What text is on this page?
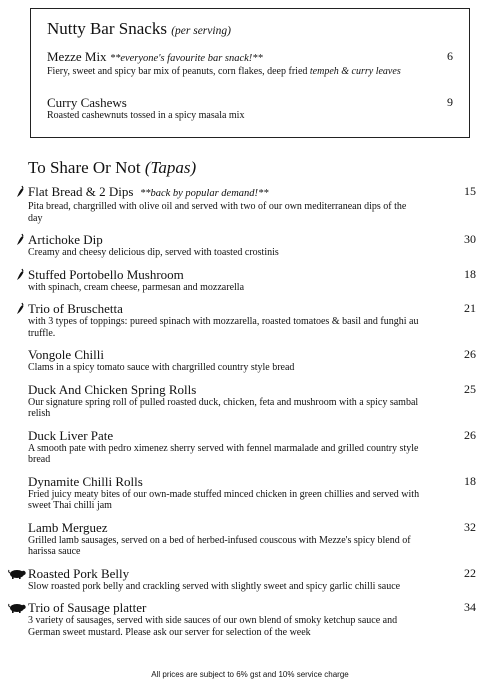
Nutty Bar Snacks (per serving)
Mezze Mix **everyone's favourite bar snack!**
Fiery, sweet and spicy bar mix of peanuts, corn flakes, deep fried tempeh & curry leaves
6
Curry Cashews
Roasted cashewnuts tossed in a spicy masala mix
9
To Share Or Not (Tapas)
Flat Bread & 2 Dips **back by popular demand!**
Pita bread, chargrilled with olive oil and served with two of our own mediterranean dips of the day
15
Artichoke Dip
Creamy and cheesy delicious dip, served with toasted crostinis
30
Stuffed Portobello Mushroom
with spinach, cream cheese, parmesan and mozzarella
18
Trio of Bruschetta
with 3 types of toppings: pureed spinach with mozzarella, roasted tomatoes & basil and funghi au truffle.
21
Vongole Chilli
Clams in a spicy tomato sauce with chargrilled country style bread
26
Duck And Chicken Spring Rolls
Our signature spring roll of pulled roasted duck, chicken, feta and mushroom with a spicy sambal relish
25
Duck Liver Pate
A smooth pate with pedro ximenez sherry served with fennel marmalade and grilled country style bread
26
Dynamite Chilli Rolls
Fried juicy meaty bites of our own-made stuffed minced chicken in green chillies and served with sweet Thai chilli jam
18
Lamb Merguez
Grilled lamb sausages, served on a bed of herbed-infused couscous with Mezze's spicy blend of harissa sauce
32
Roasted Pork Belly
Slow roasted pork belly and crackling served with slightly sweet and spicy garlic chilli sauce
22
Trio of Sausage platter
3 variety of sausages, served with side sauces of our own blend of smoky ketchup sauce and German sweet mustard. Please ask our server for selection of the week
34
All prices are subject to 6% gst and 10% service charge
